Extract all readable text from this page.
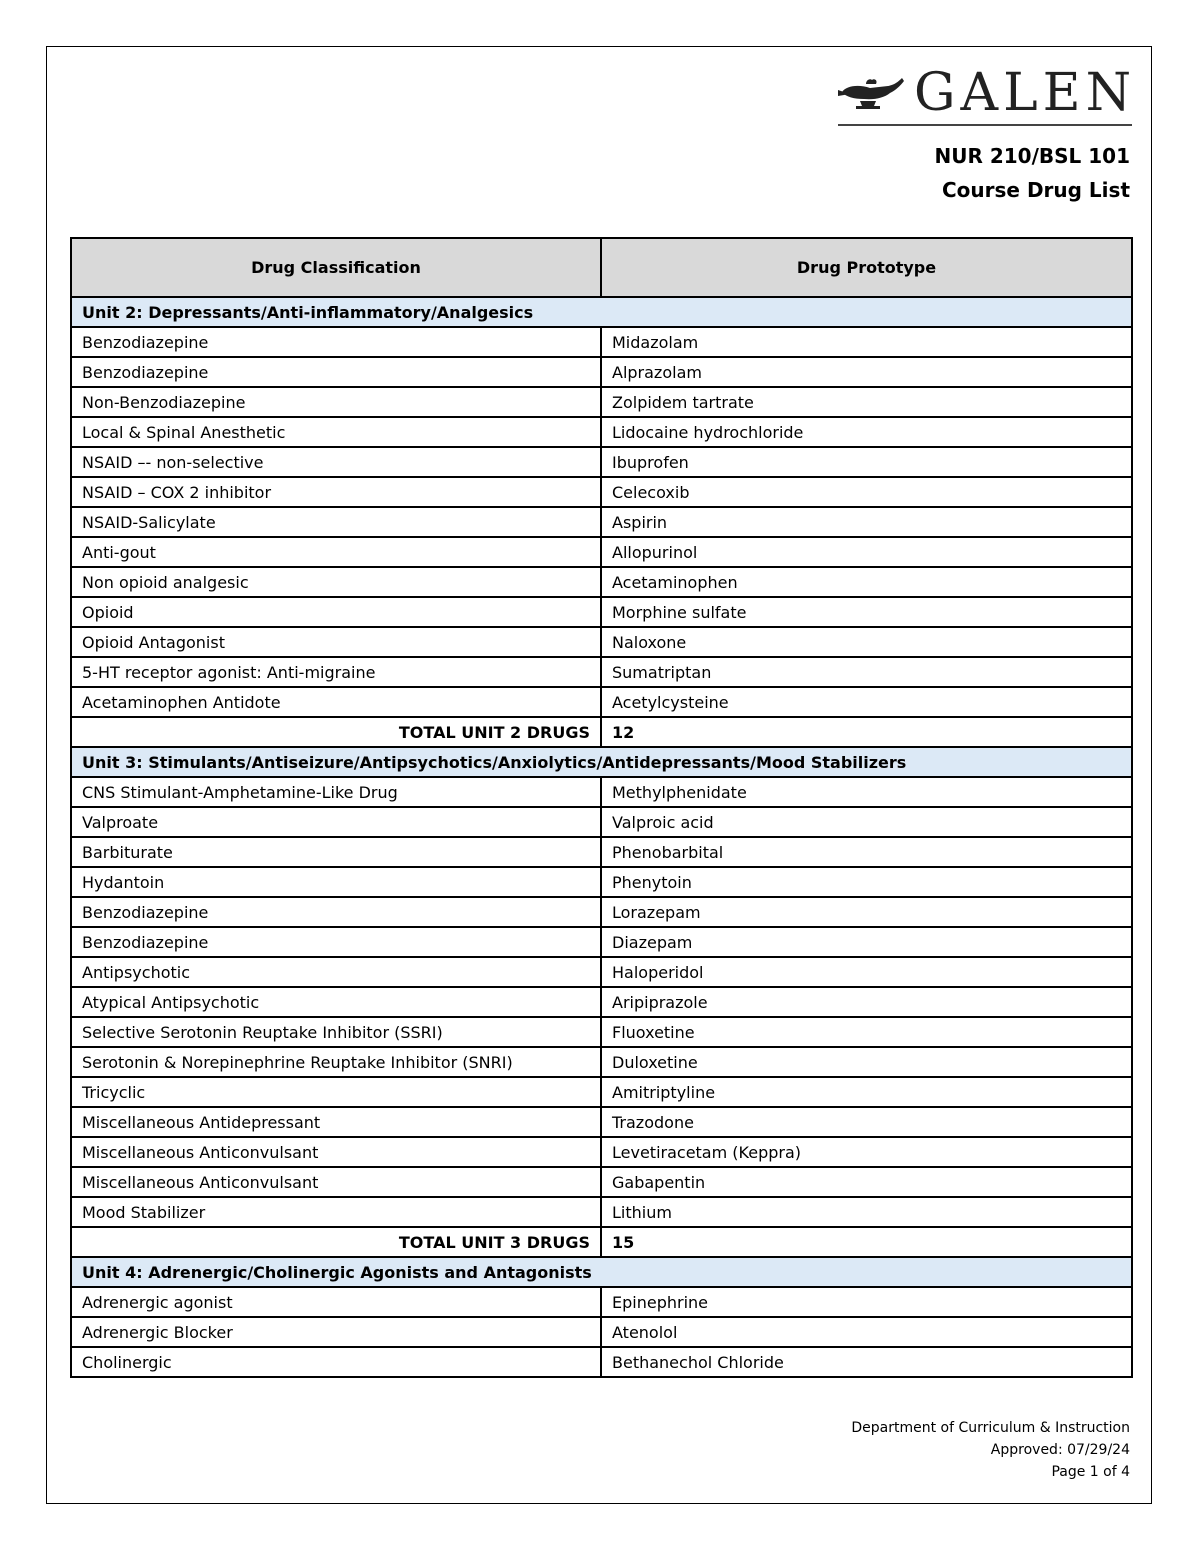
GALEN
NUR 210/BSL 101
Course Drug List
Drug Classification	Drug Prototype
Unit 2: Depressants/Anti-inflammatory/Analgesics	
Benzodiazepine	Midazolam
Benzodiazepine	Alprazolam
Non-Benzodiazepine	Zolpidem tartrate
Local & Spinal Anesthetic	Lidocaine hydrochloride
NSAID –- non-selective	Ibuprofen
NSAID – COX 2 inhibitor	Celecoxib
NSAID-Salicylate	Aspirin
Anti-gout	Allopurinol
Non opioid analgesic	Acetaminophen
Opioid	Morphine sulfate
Opioid Antagonist	Naloxone
5-HT receptor agonist: Anti-migraine	Sumatriptan
Acetaminophen Antidote	Acetylcysteine
TOTAL UNIT 2 DRUGS	12
Unit 3: Stimulants/Antiseizure/Antipsychotics/Anxiolytics/Antidepressants/Mood Stabilizers	
CNS Stimulant-Amphetamine-Like Drug	Methylphenidate
Valproate	Valproic acid
Barbiturate	Phenobarbital
Hydantoin	Phenytoin
Benzodiazepine	Lorazepam
Benzodiazepine	Diazepam
Antipsychotic	Haloperidol
Atypical Antipsychotic	Aripiprazole
Selective Serotonin Reuptake Inhibitor (SSRI)	Fluoxetine
Serotonin & Norepinephrine Reuptake Inhibitor (SNRI)	Duloxetine
Tricyclic	Amitriptyline
Miscellaneous Antidepressant	Trazodone
Miscellaneous Anticonvulsant	Levetiracetam (Keppra)
Miscellaneous Anticonvulsant	Gabapentin
Mood Stabilizer	Lithium
TOTAL UNIT 3 DRUGS	15
Unit 4: Adrenergic/Cholinergic Agonists and Antagonists	
Adrenergic agonist	Epinephrine
Adrenergic Blocker	Atenolol
Cholinergic	Bethanechol Chloride
Department of Curriculum & Instruction
Approved: 07/29/24
Page 1 of 4
